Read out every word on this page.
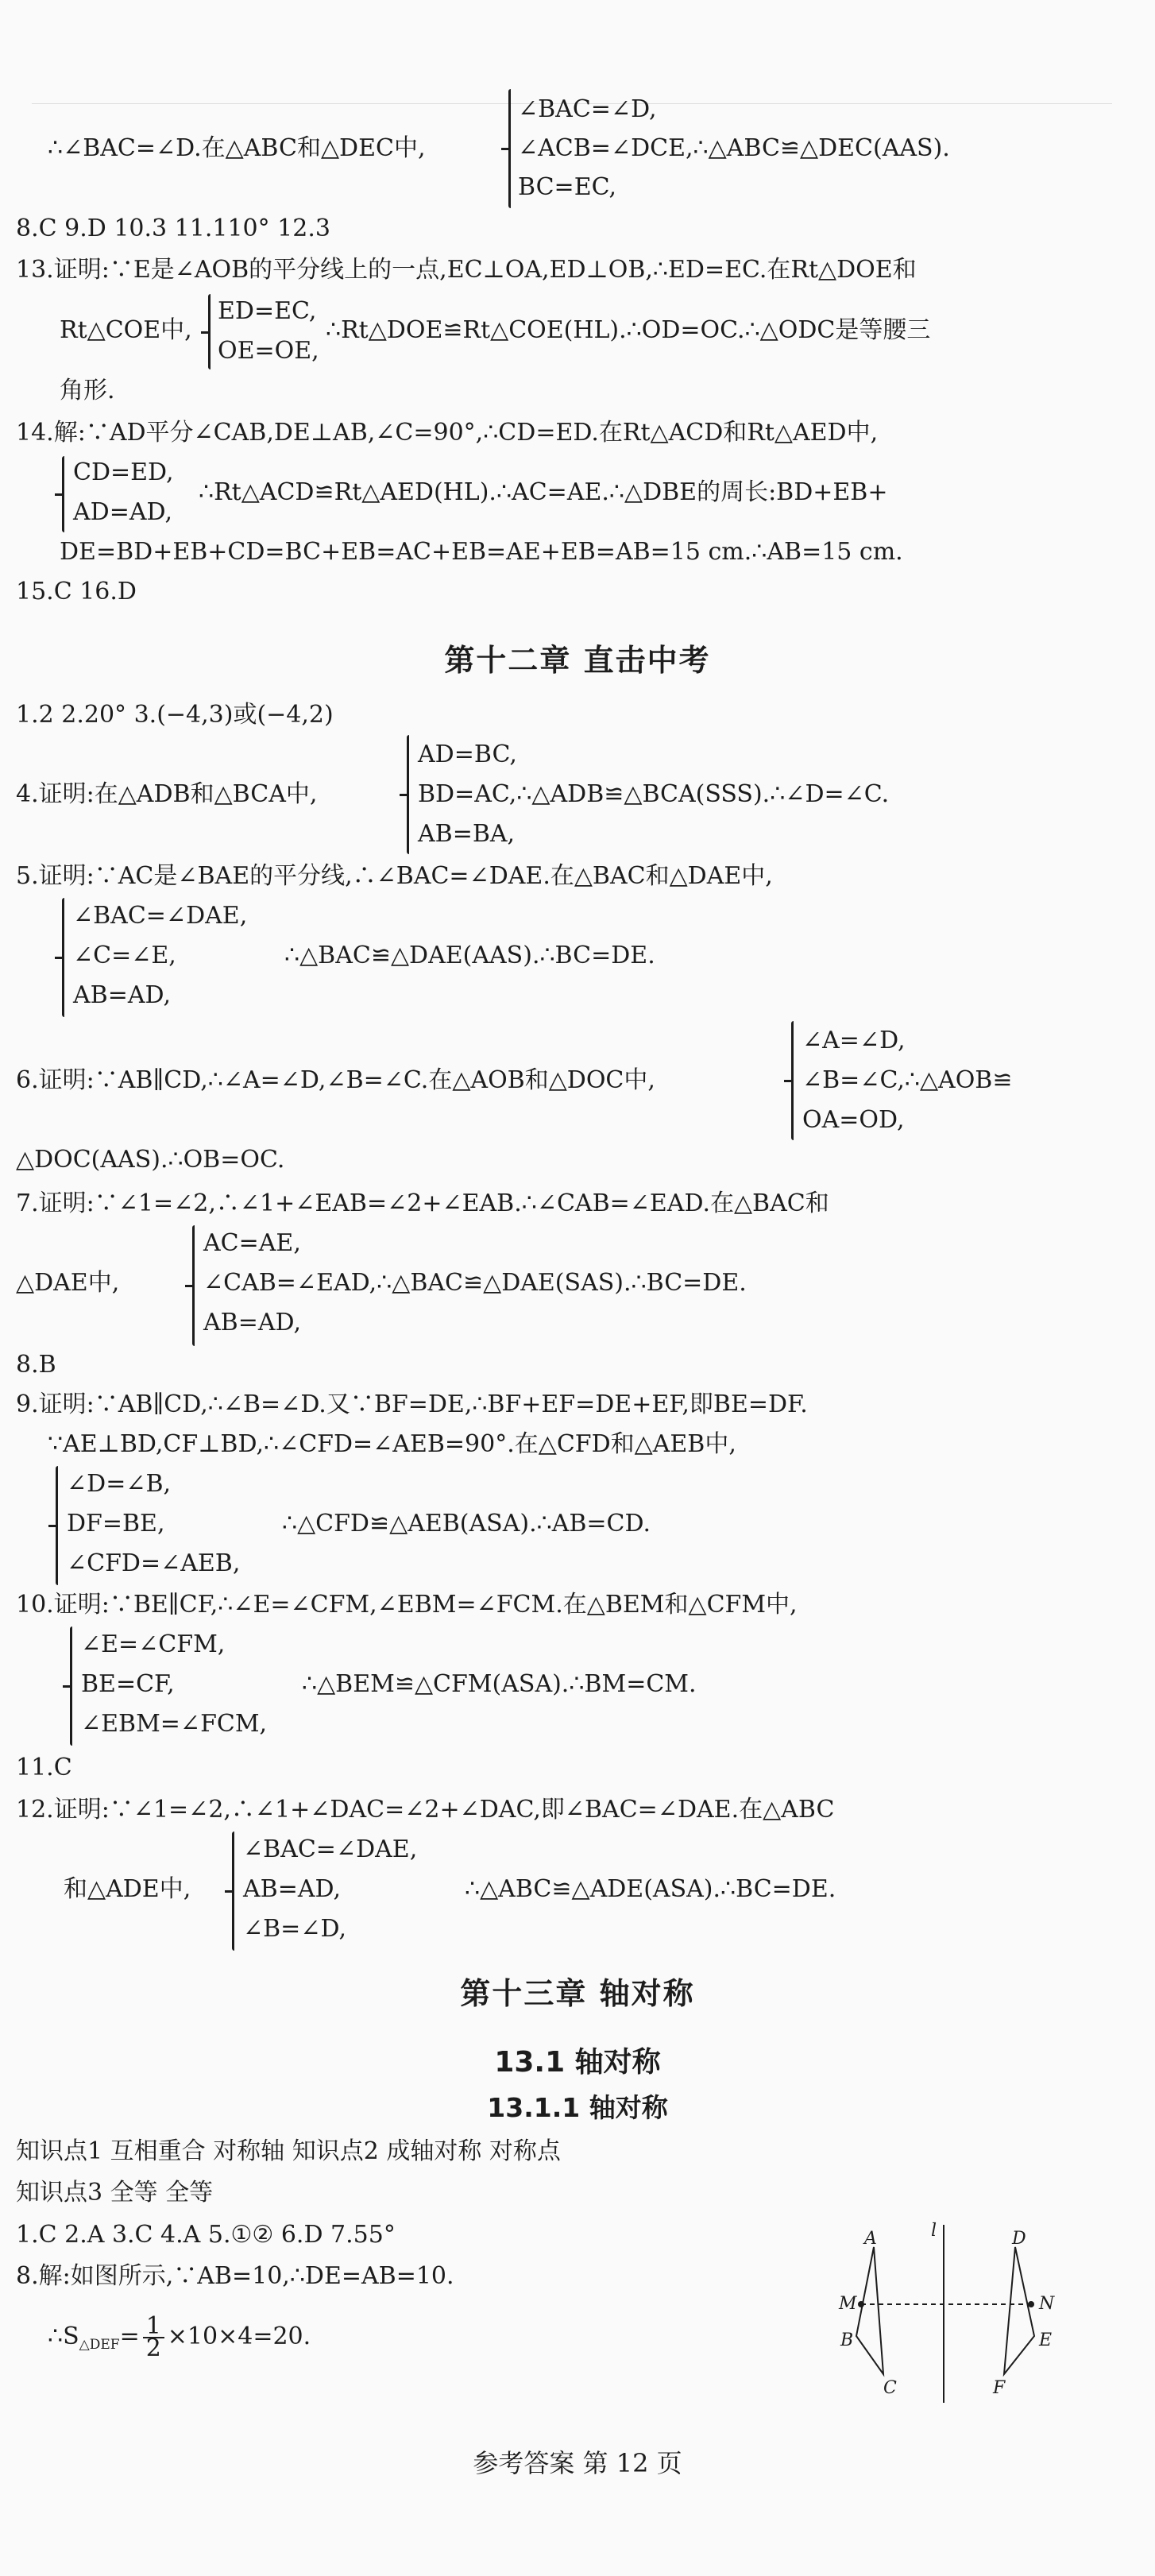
∠BAC=∠D,
∴∠BAC=∠D.在△ABC和△DEC中,	∠ACB=∠DCE,∴△ABC≌△DEC(AAS).
BC=EC,
8.C 9.D 10.3 11.110° 12.3
13.证明:∵E是∠AOB的平分线上的一点,EC⊥OA,ED⊥OB,∴ED=EC.在Rt△DOE和
ED=EC,
Rt△COE中,	∴Rt△DOE≌Rt△COE(HL).∴OD=OC.∴△ODC是等腰三
OE=OE,
角形.
14.解:∵AD平分∠CAB,DE⊥AB,∠C=90°,∴CD=ED.在Rt△ACD和Rt△AED中,
CD=ED,
∴Rt△ACD≌Rt△AED(HL).∴AC=AE.∴△DBE的周长:BD+EB+
AD=AD,
DE=BD+EB+CD=BC+EB=AC+EB=AE+EB=AB=15 cm.∴AB=15 cm.
15.C 16.D
第十二章 直击中考
1.2 2.20° 3.(−4,3)或(−4,2)
AD=BC,
4.证明:在△ADB和△BCA中,	BD=AC,∴△ADB≌△BCA(SSS).∴∠D=∠C.
AB=BA,
5.证明:∵AC是∠BAE的平分线,∴∠BAC=∠DAE.在△BAC和△DAE中,
∠BAC=∠DAE,
∠C=∠E,	∴△BAC≌△DAE(AAS).∴BC=DE.
AB=AD,
∠A=∠D,
6.证明:∵AB∥CD,∴∠A=∠D,∠B=∠C.在△AOB和△DOC中,	∠B=∠C,∴△AOB≌
OA=OD,
△DOC(AAS).∴OB=OC.
7.证明:∵∠1=∠2,∴∠1+∠EAB=∠2+∠EAB.∴∠CAB=∠EAD.在△BAC和
AC=AE,
△DAE中,	∠CAB=∠EAD,∴△BAC≌△DAE(SAS).∴BC=DE.
AB=AD,
8.B
9.证明:∵AB∥CD,∴∠B=∠D.又∵BF=DE,∴BF+EF=DE+EF,即BE=DF.
∵AE⊥BD,CF⊥BD,∴∠CFD=∠AEB=90°.在△CFD和△AEB中,
∠D=∠B,
DF=BE,	∴△CFD≌△AEB(ASA).∴AB=CD.
∠CFD=∠AEB,
10.证明:∵BE∥CF,∴∠E=∠CFM,∠EBM=∠FCM.在△BEM和△CFM中,
∠E=∠CFM,
BE=CF,	∴△BEM≌△CFM(ASA).∴BM=CM.
∠EBM=∠FCM,
11.C
12.证明:∵∠1=∠2,∴∠1+∠DAC=∠2+∠DAC,即∠BAC=∠DAE.在△ABC
∠BAC=∠DAE,
和△ADE中, AB=AD,	∴△ABC≌△ADE(ASA).∴BC=DE.
∠B=∠D,
第十三章 轴对称
13.1 轴对称
13.1.1 轴对称
知识点1 互相重合 对称轴 知识点2 成轴对称 对称点
知识点3 全等 全等
1.C 2.A 3.C 4.A 5.①② 6.D 7.55°
8.解:如图所示,∵AB=10,∴DE=AB=10.
$\therefore S_{\triangle DEF}= \frac{1}{2} \times 10\times 4=20$.
l
A
M
B
C
D
N
E
F
参考答案 第 12 页
